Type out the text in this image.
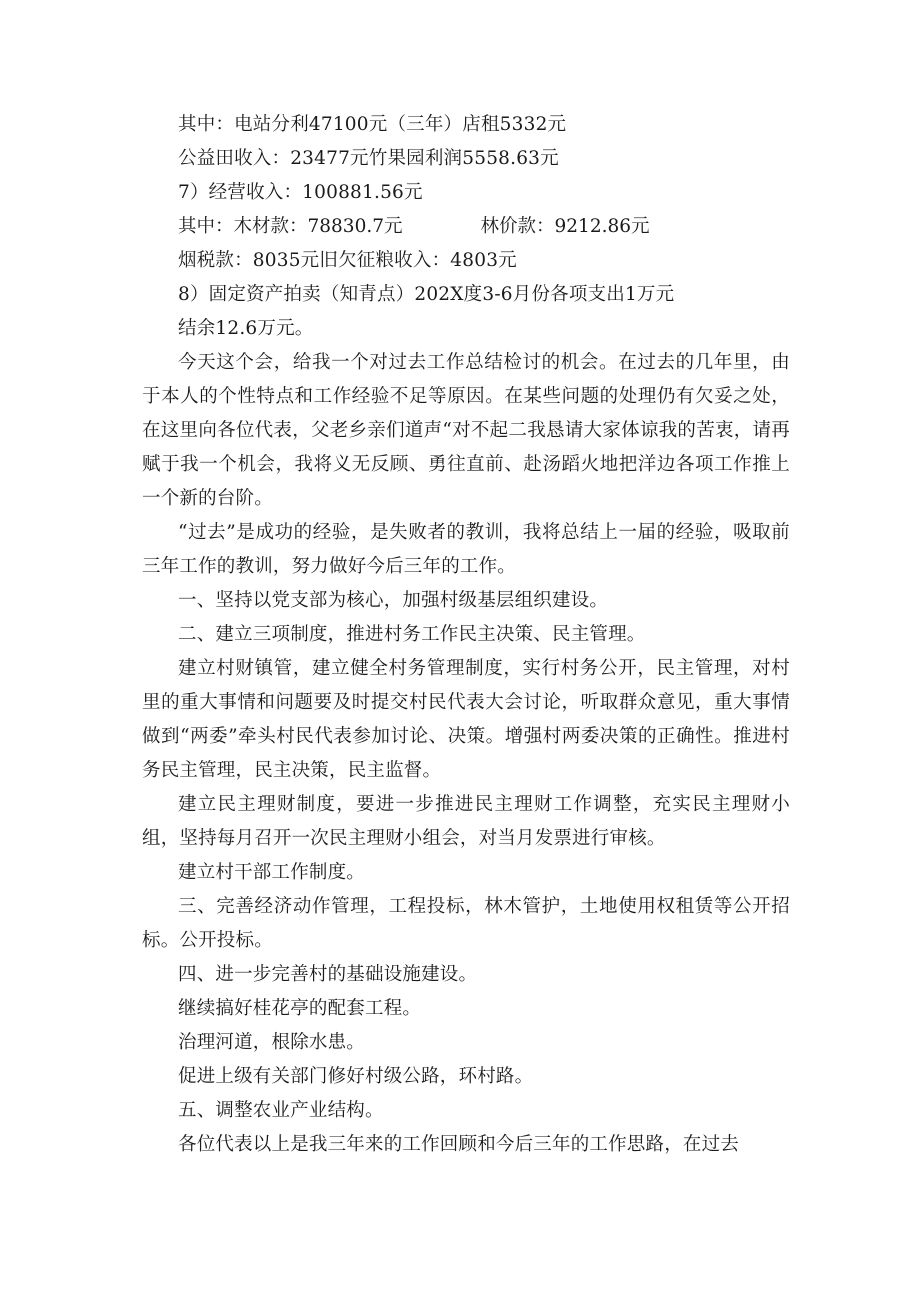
其中：电站分利47100元（三年）店租5332元
公益田收入：23477元竹果园利润5558.63元
7）经营收入：100881.56元
其中：木材款：78830.7元	林价款：9212.86元
烟税款：8035元旧欠征粮收入：4803元
8）固定资产拍卖（知青点）202X度3-6月份各项支出1万元
结余12.6万元。

今天这个会，给我一个对过去工作总结检讨的机会。在过去的几年里，由于本人的个性特点和工作经验不足等原因。在某些问题的处理仍有欠妥之处，在这里向各位代表，父老乡亲们道声“对不起二我恳请大家体谅我的苦衷，请再赋于我一个机会，我将义无反顾、勇往直前、赴汤蹈火地把洋边各项工作推上一个新的台阶。

“过去”是成功的经验，是失败者的教训，我将总结上一届的经验，吸取前三年工作的教训，努力做好今后三年的工作。

一、坚持以党支部为核心，加强村级基层组织建设。
二、建立三项制度，推进村务工作民主决策、民主管理。

建立村财镇管，建立健全村务管理制度，实行村务公开，民主管理，对村里的重大事情和问题要及时提交村民代表大会讨论，听取群众意见，重大事情做到“两委”牵头村民代表参加讨论、决策。增强村两委决策的正确性。推进村务民主管理，民主决策，民主监督。

建立民主理财制度，要进一步推进民主理财工作调整，充实民主理财小组，坚持每月召开一次民主理财小组会，对当月发票进行审核。

建立村干部工作制度。

三、完善经济动作管理，工程投标，林木管护，土地使用权租赁等公开招标。公开投标。

四、进一步完善村的基础设施建设。
继续搞好桂花亭的配套工程。
治理河道，根除水患。
促进上级有关部门修好村级公路，环村路。
五、调整农业产业结构。
各位代表以上是我三年来的工作回顾和今后三年的工作思路，在过去
